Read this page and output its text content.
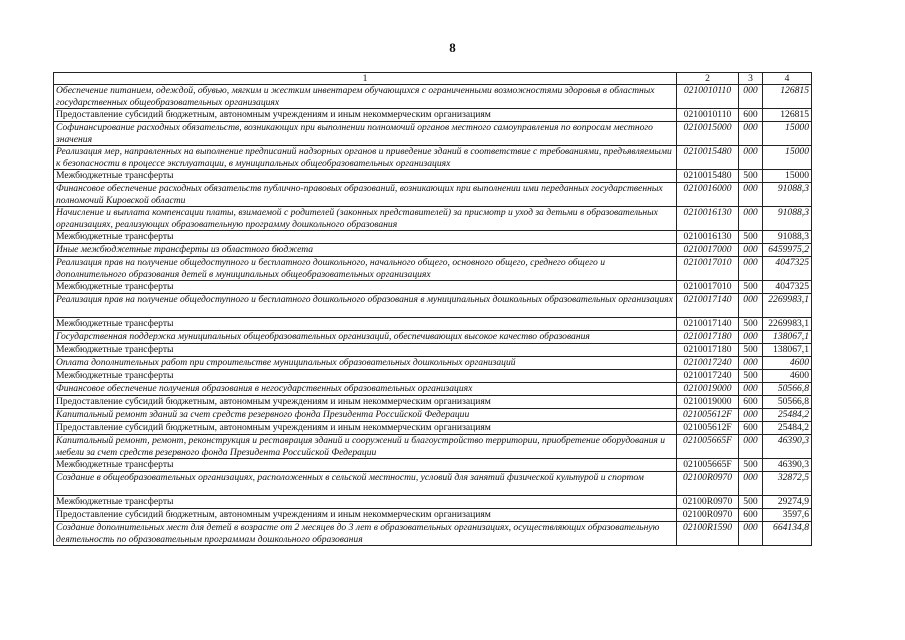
8
1	2	3	4
Обеспечение питанием, одеждой, обувью, мягким и жестким инвентарем обучающихся с ограниченными возможностями здоровья в областных государственных общеобразовательных организациях	0210010110	000	126815
Предоставление субсидий бюджетным, автономным учреждениям и иным некоммерческим организациям	0210010110	600	126815
Софинансирование расходных обязательств, возникающих при выполнении полномочий органов местного самоуправления по вопросам местного значения	0210015000	000	15000
Реализация мер, направленных на выполнение предписаний надзорных органов и приведение зданий в соответствие с требованиями, предъявляемыми к безопасности в процессе эксплуатации, в муниципальных общеобразовательных организациях	0210015480	000	15000
Межбюджетные трансферты	0210015480	500	15000
Финансовое обеспечение расходных обязательств публично-правовых образований, возникающих при выполнении ими переданных государственных полномочий Кировской области	0210016000	000	91088,3
Начисление и выплата компенсации платы, взимаемой с родителей (законных представителей) за присмотр и уход за детьми в образовательных организациях, реализующих образовательную программу дошкольного образования	0210016130	000	91088,3
Межбюджетные трансферты	0210016130	500	91088,3
Иные межбюджетные трансферты из областного бюджета	0210017000	000	6459975,2
Реализация прав на получение общедоступного и бесплатного дошкольного, начального общего, основного общего, среднего общего и дополнительного образования детей в муниципальных общеобразовательных организациях	0210017010	000	4047325
Межбюджетные трансферты	0210017010	500	4047325
Реализация прав на получение общедоступного и бесплатного дошкольного образования в муниципальных дошкольных образовательных организациях	0210017140	000	2269983,1
Межбюджетные трансферты	0210017140	500	2269983,1
Государственная поддержка муниципальных общеобразовательных организаций, обеспечивающих высокое качество образования	0210017180	000	138067,1
Межбюджетные трансферты	0210017180	500	138067,1
Оплата дополнительных работ при строительстве муниципальных образовательных дошкольных организаций	0210017240	000	4600
Межбюджетные трансферты	0210017240	500	4600
Финансовое обеспечение получения образования в негосударственных образовательных организациях	0210019000	000	50566,8
Предоставление субсидий бюджетным, автономным учреждениям и иным некоммерческим организациям	0210019000	600	50566,8
Капитальный ремонт зданий за счет средств резервного фонда Президента Российской Федерации	021005612F	000	25484,2
Предоставление субсидий бюджетным, автономным учреждениям и иным некоммерческим организациям	021005612F	600	25484,2
Капитальный ремонт, ремонт, реконструкция и реставрация зданий и сооружений и благоустройство территории, приобретение оборудования и мебели за счет средств резервного фонда Президента Российской Федерации	021005665F	000	46390,3
Межбюджетные трансферты	021005665F	500	46390,3
Создание в общеобразовательных организациях, расположенных в сельской местности, условий для занятий физической культурой и спортом	02100R0970	000	32872,5
Межбюджетные трансферты	02100R0970	500	29274,9
Предоставление субсидий бюджетным, автономным учреждениям и иным некоммерческим организациям	02100R0970	600	3597,6
Создание дополнительных мест для детей в возрасте от 2 месяцев до 3 лет в образовательных организациях, осуществляющих образовательную деятельность по образовательным программам дошкольного образования	02100R1590	000	664134,8
